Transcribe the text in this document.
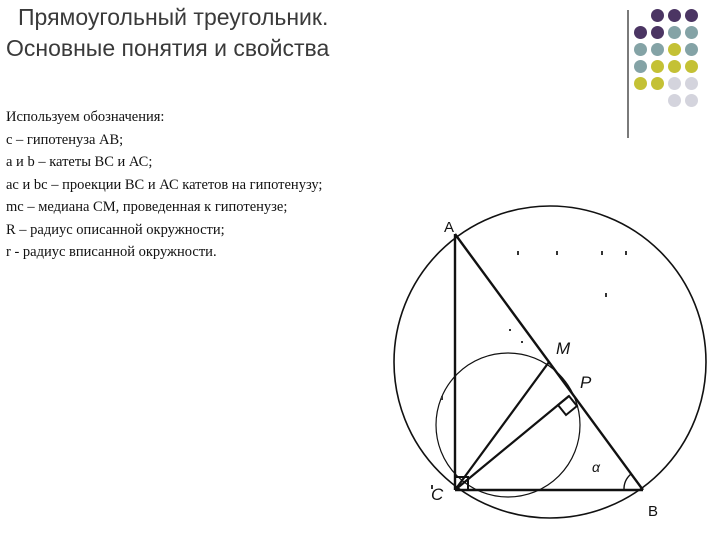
Прямоугольный треугольник.
Основные понятия и свойства
Используем обозначения:
с – гипотенуза АВ;
а и b – катеты ВС и АС;
аc и bc – проекции ВС и АС катетов на гипотенузу;
mc – медиана СМ, проведенная к гипотенузе;
R – радиус описанной окружности;
r - радиус вписанной окружности.
A
B
C
M
P
α
